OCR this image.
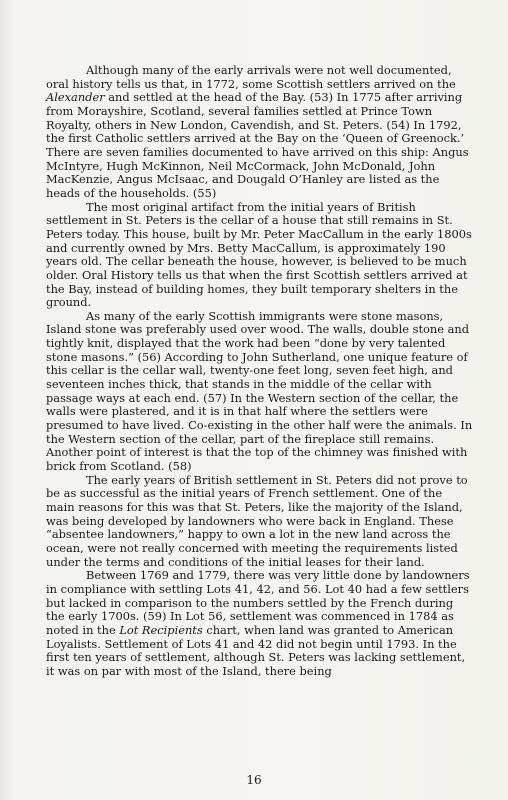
Although many of the early arrivals were not well documented, oral history tells us that, in 1772, some Scottish settlers arrived on the Alexander and settled at the head of the Bay. (53) In 1775 after arriving from Morayshire, Scotland, several families settled at Prince Town Royalty, others in New London, Cavendish, and St. Peters. (54) In 1792, the first Catholic settlers arrived at the Bay on the ‘Queen of Greenock.’ There are seven families documented to have arrived on this ship: Angus McIntyre, Hugh McKinnon, Neil McCormack, John McDonald, John MacKenzie, Angus McIsaac, and Dougald O’Hanley are listed as the heads of the households. (55)

The most original artifact from the initial years of British settlement in St. Peters is the cellar of a house that still remains in St. Peters today. This house, built by Mr. Peter MacCallum in the early 1800s and currently owned by Mrs. Betty MacCallum, is approximately 190 years old. The cellar beneath the house, however, is believed to be much older. Oral History tells us that when the first Scottish settlers arrived at the Bay, instead of building homes, they built temporary shelters in the ground.

As many of the early Scottish immigrants were stone masons, Island stone was preferably used over wood. The walls, double stone and tightly knit, displayed that the work had been “done by very talented stone masons.” (56) According to John Sutherland, one unique feature of this cellar is the cellar wall, twenty-one feet long, seven feet high, and seventeen inches thick, that stands in the middle of the cellar with passage ways at each end. (57) In the Western section of the cellar, the walls were plastered, and it is in that half where the settlers were presumed to have lived. Co-existing in the other half were the animals. In the Western section of the cellar, part of the fireplace still remains. Another point of interest is that the top of the chimney was finished with brick from Scotland. (58)

The early years of British settlement in St. Peters did not prove to be as successful as the initial years of French settlement. One of the main reasons for this was that St. Peters, like the majority of the Island, was being developed by landowners who were back in England. These “absentee landowners,” happy to own a lot in the new land across the ocean, were not really concerned with meeting the requirements listed under the terms and conditions of the initial leases for their land.

Between 1769 and 1779, there was very little done by landowners in compliance with settling Lots 41, 42, and 56. Lot 40 had a few settlers but lacked in comparison to the numbers settled by the French during the early 1700s. (59) In Lot 56, settlement was commenced in 1784 as noted in the Lot Recipients chart, when land was granted to American Loyalists. Settlement of Lots 41 and 42 did not begin until 1793. In the first ten years of settlement, although St. Peters was lacking settlement, it was on par with most of the Island, there being

16
